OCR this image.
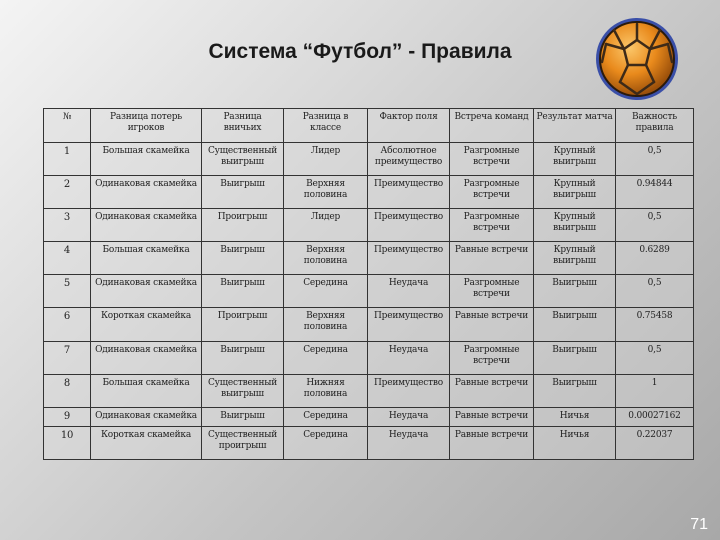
Система “Футбол” - Правила
№	Разница потерь игроков	Разница вничьих	Разница в классе	Фактор поля	Встреча команд	Результат матча	Важность правила
1	Большая скамейка	Существенный выигрыш	Лидер	Абсолютное преимущество	Разгромные встречи	Крупный выигрыш	0,5
2	Одинаковая скамейка	Выигрыш	Верхняя половина	Преимущество	Разгромные встречи	Крупный выигрыш	0.94844
3	Одинаковая скамейка	Проигрыш	Лидер	Преимущество	Разгромные встречи	Крупный выигрыш	0,5
4	Большая скамейка	Выигрыш	Верхняя половина	Преимущество	Равные встречи	Крупный выигрыш	0.6289
5	Одинаковая скамейка	Выигрыш	Середина	Неудача	Разгромные встречи	Выигрыш	0,5
6	Короткая скамейка	Проигрыш	Верхняя половина	Преимущество	Равные встречи	Выигрыш	0.75458
7	Одинаковая скамейка	Выигрыш	Середина	Неудача	Разгромные встречи	Выигрыш	0,5
8	Большая скамейка	Существенный выигрыш	Нижняя половина	Преимущество	Равные встречи	Выигрыш	1
9	Одинаковая скамейка	Выигрыш	Середина	Неудача	Равные встречи	Ничья	0.00027162
10	Короткая скамейка	Существенный проигрыш	Середина	Неудача	Равные встречи	Ничья	0.22037
71
